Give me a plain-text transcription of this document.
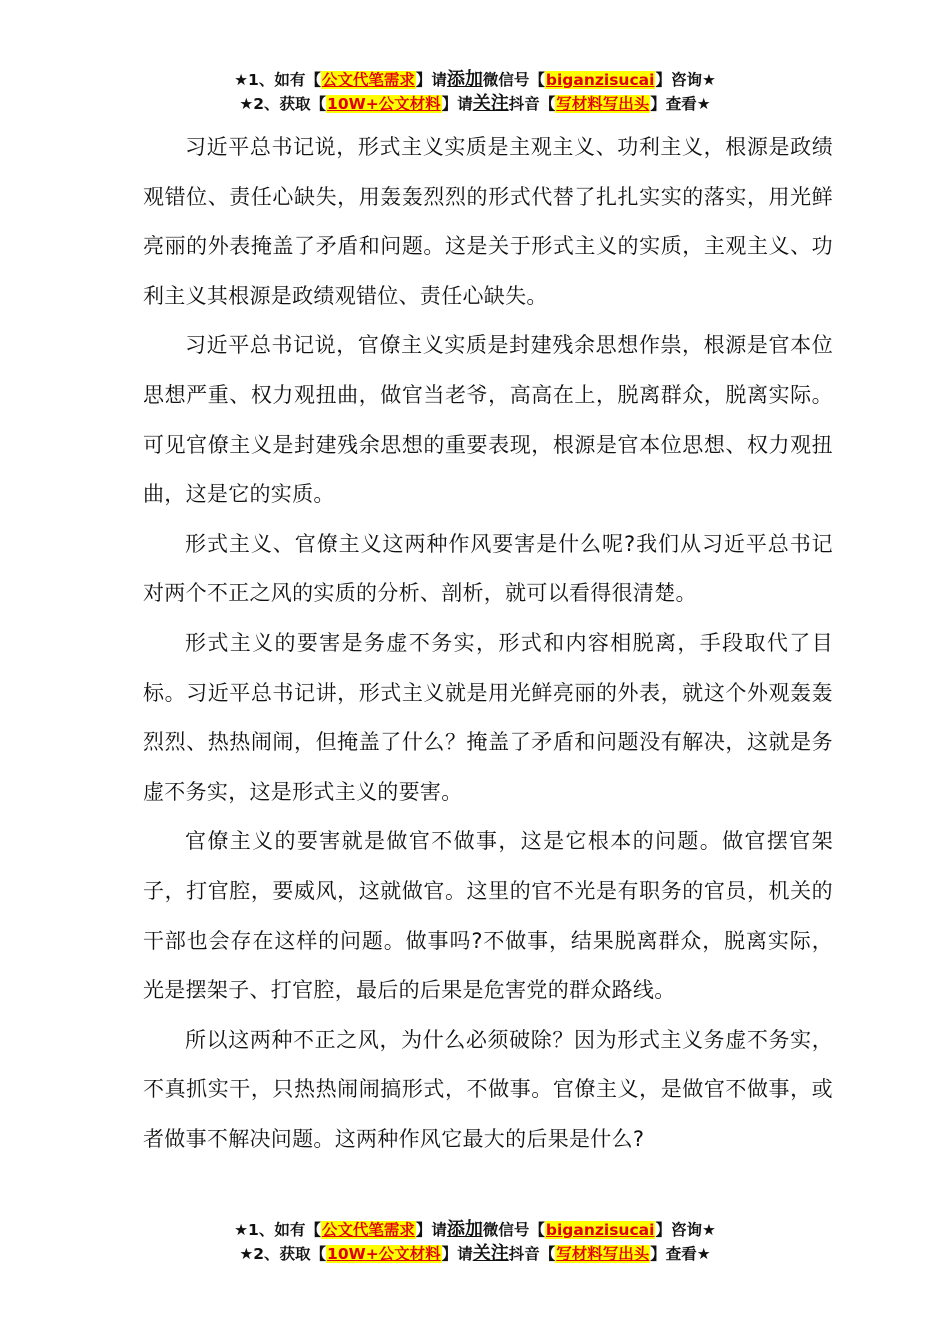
★1、如有【公文代笔需求】请添加微信号【biganzisucai】咨询★
★2、获取【10W+公文材料】请关注抖音【写材料写出头】查看★

习近平总书记说，形式主义实质是主观主义、功利主义，根源是政绩观错位、责任心缺失，用轰轰烈烈的形式代替了扎扎实实的落实，用光鲜亮丽的外表掩盖了矛盾和问题。这是关于形式主义的实质，主观主义、功利主义其根源是政绩观错位、责任心缺失。

习近平总书记说，官僚主义实质是封建残余思想作祟，根源是官本位思想严重、权力观扭曲，做官当老爷，高高在上，脱离群众，脱离实际。可见官僚主义是封建残余思想的重要表现，根源是官本位思想、权力观扭曲，这是它的实质。

形式主义、官僚主义这两种作风要害是什么呢?我们从习近平总书记对两个不正之风的实质的分析、剖析，就可以看得很清楚。

形式主义的要害是务虚不务实，形式和内容相脱离，手段取代了目标。习近平总书记讲，形式主义就是用光鲜亮丽的外表，就这个外观轰轰烈烈、热热闹闹，但掩盖了什么？掩盖了矛盾和问题没有解决，这就是务虚不务实，这是形式主义的要害。

官僚主义的要害就是做官不做事，这是它根本的问题。做官摆官架子，打官腔，要威风，这就做官。这里的官不光是有职务的官员，机关的干部也会存在这样的问题。做事吗?不做事，结果脱离群众，脱离实际，光是摆架子、打官腔，最后的后果是危害党的群众路线。

所以这两种不正之风，为什么必须破除？因为形式主义务虚不务实，不真抓实干，只热热闹闹搞形式，不做事。官僚主义，是做官不做事，或者做事不解决问题。这两种作风它最大的后果是什么?

★1、如有【公文代笔需求】请添加微信号【biganzisucai】咨询★
★2、获取【10W+公文材料】请关注抖音【写材料写出头】查看★
